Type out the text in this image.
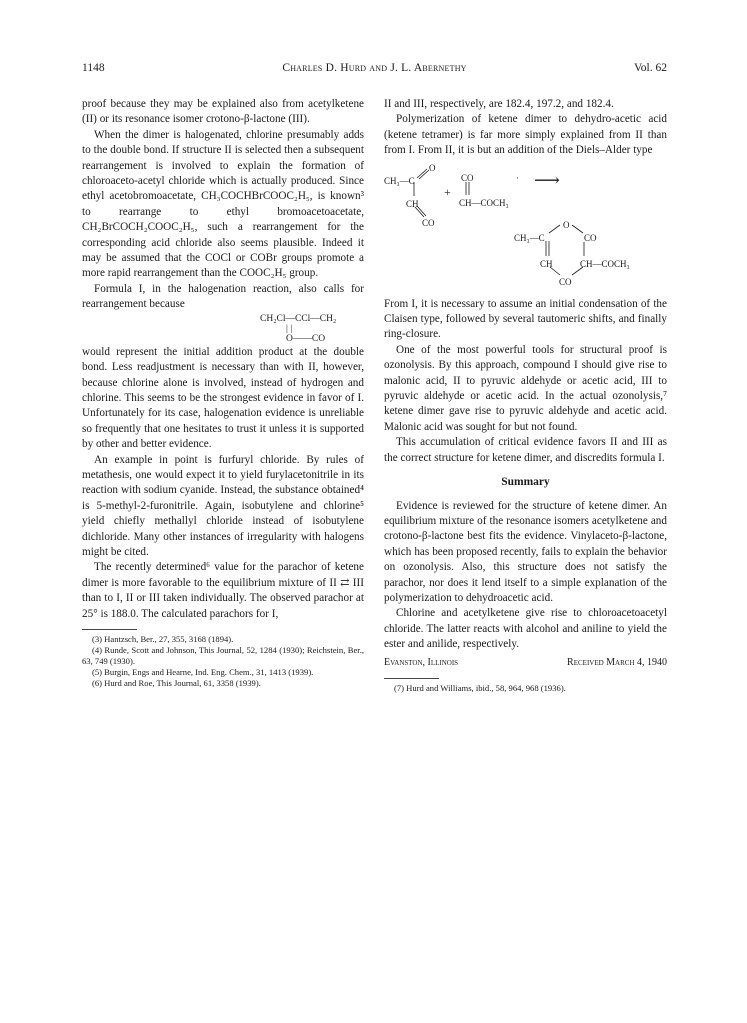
1148	Charles D. Hurd and J. L. Abernethy	Vol. 62

proof because they may be explained also from acetylketene (II) or its resonance isomer crotono-β-lactone (III).

When the dimer is halogenated, chlorine presumably adds to the double bond. If structure II is selected then a subsequent rearrangement is involved to explain the formation of chloroaceto-acetyl chloride which is actually produced. Since ethyl acetobromoacetate, CH₃COCHBrCOOC₂H₅, is known³ to rearrange to ethyl bromoacetoacetate, CH₂BrCOCH₂COOC₂H₅, such a rearrangement for the corresponding acid chloride also seems plausible. Indeed it may be assumed that the COCl or COBr groups promote a more rapid rearrangement than the COOC₂H₅ group.

Formula I, in the halogenation reaction, also calls for rearrangement because

CH₂Cl—CCl—CH₂
| |
O——CO

would represent the initial addition product at the double bond. Less readjustment is necessary than with II, however, because chlorine alone is involved, instead of hydrogen and chlorine. This seems to be the strongest evidence in favor of I. Unfortunately for its case, halogenation evidence is unreliable so frequently that one hesitates to trust it unless it is supported by other and better evidence.

An example in point is furfuryl chloride. By rules of metathesis, one would expect it to yield furylacetonitrile in its reaction with sodium cyanide. Instead, the substance obtained⁴ is 5-methyl-2-furonitrile. Again, isobutylene and chlorine⁵ yield chiefly methallyl chloride instead of isobutylene dichloride. Many other instances of irregularity with halogens might be cited.

The recently determined⁶ value for the parachor of ketene dimer is more favorable to the equilibrium mixture of II ⇄ III than to I, II or III taken individually. The observed parachor at 25° is 188.0. The calculated parachors for I,

(3) Hantzsch, Ber., 27, 355, 3168 (1894).

(4) Runde, Scott and Johnson, This Journal, 52, 1284 (1930); Reichstein, Ber., 63, 749 (1930).

(5) Burgin, Engs and Hearne, Ind. Eng. Chem., 31, 1413 (1939).

(6) Hurd and Roe, This Journal, 61, 3358 (1939).

II and III, respectively, are 182.4, 197.2, and 182.4.

Polymerization of ketene dimer to dehydro-acetic acid (ketene tetramer) is far more simply explained from II than from I. From II, it is but an addition of the Diels–Alder type

O
CH₃—C
CH
CO
+
CO
CH—COCH₃
· ⟶
O
CH₃—C	CO
CH	CH—COCH₃
CO

From I, it is necessary to assume an initial condensation of the Claisen type, followed by several tautomeric shifts, and finally ring-closure.

One of the most powerful tools for structural proof is ozonolysis. By this approach, compound I should give rise to malonic acid, II to pyruvic aldehyde or acetic acid, III to pyruvic aldehyde or acetic acid. In the actual ozonolysis,⁷ ketene dimer gave rise to pyruvic aldehyde and acetic acid. Malonic acid was sought for but not found.

This accumulation of critical evidence favors II and III as the correct structure for ketene dimer, and discredits formula I.

Summary

Evidence is reviewed for the structure of ketene dimer. An equilibrium mixture of the resonance isomers acetylketene and crotono-β-lactone best fits the evidence. Vinylaceto-β-lactone, which has been proposed recently, fails to explain the behavior on ozonolysis. Also, this structure does not satisfy the parachor, nor does it lend itself to a simple explanation of the polymerization to dehydroacetic acid.

Chlorine and acetylketene give rise to chloroacetoacetyl chloride. The latter reacts with alcohol and aniline to yield the ester and anilide, respectively.

Evanston, Illinois	Received March 4, 1940

(7) Hurd and Williams, ibid., 58, 964, 968 (1936).
